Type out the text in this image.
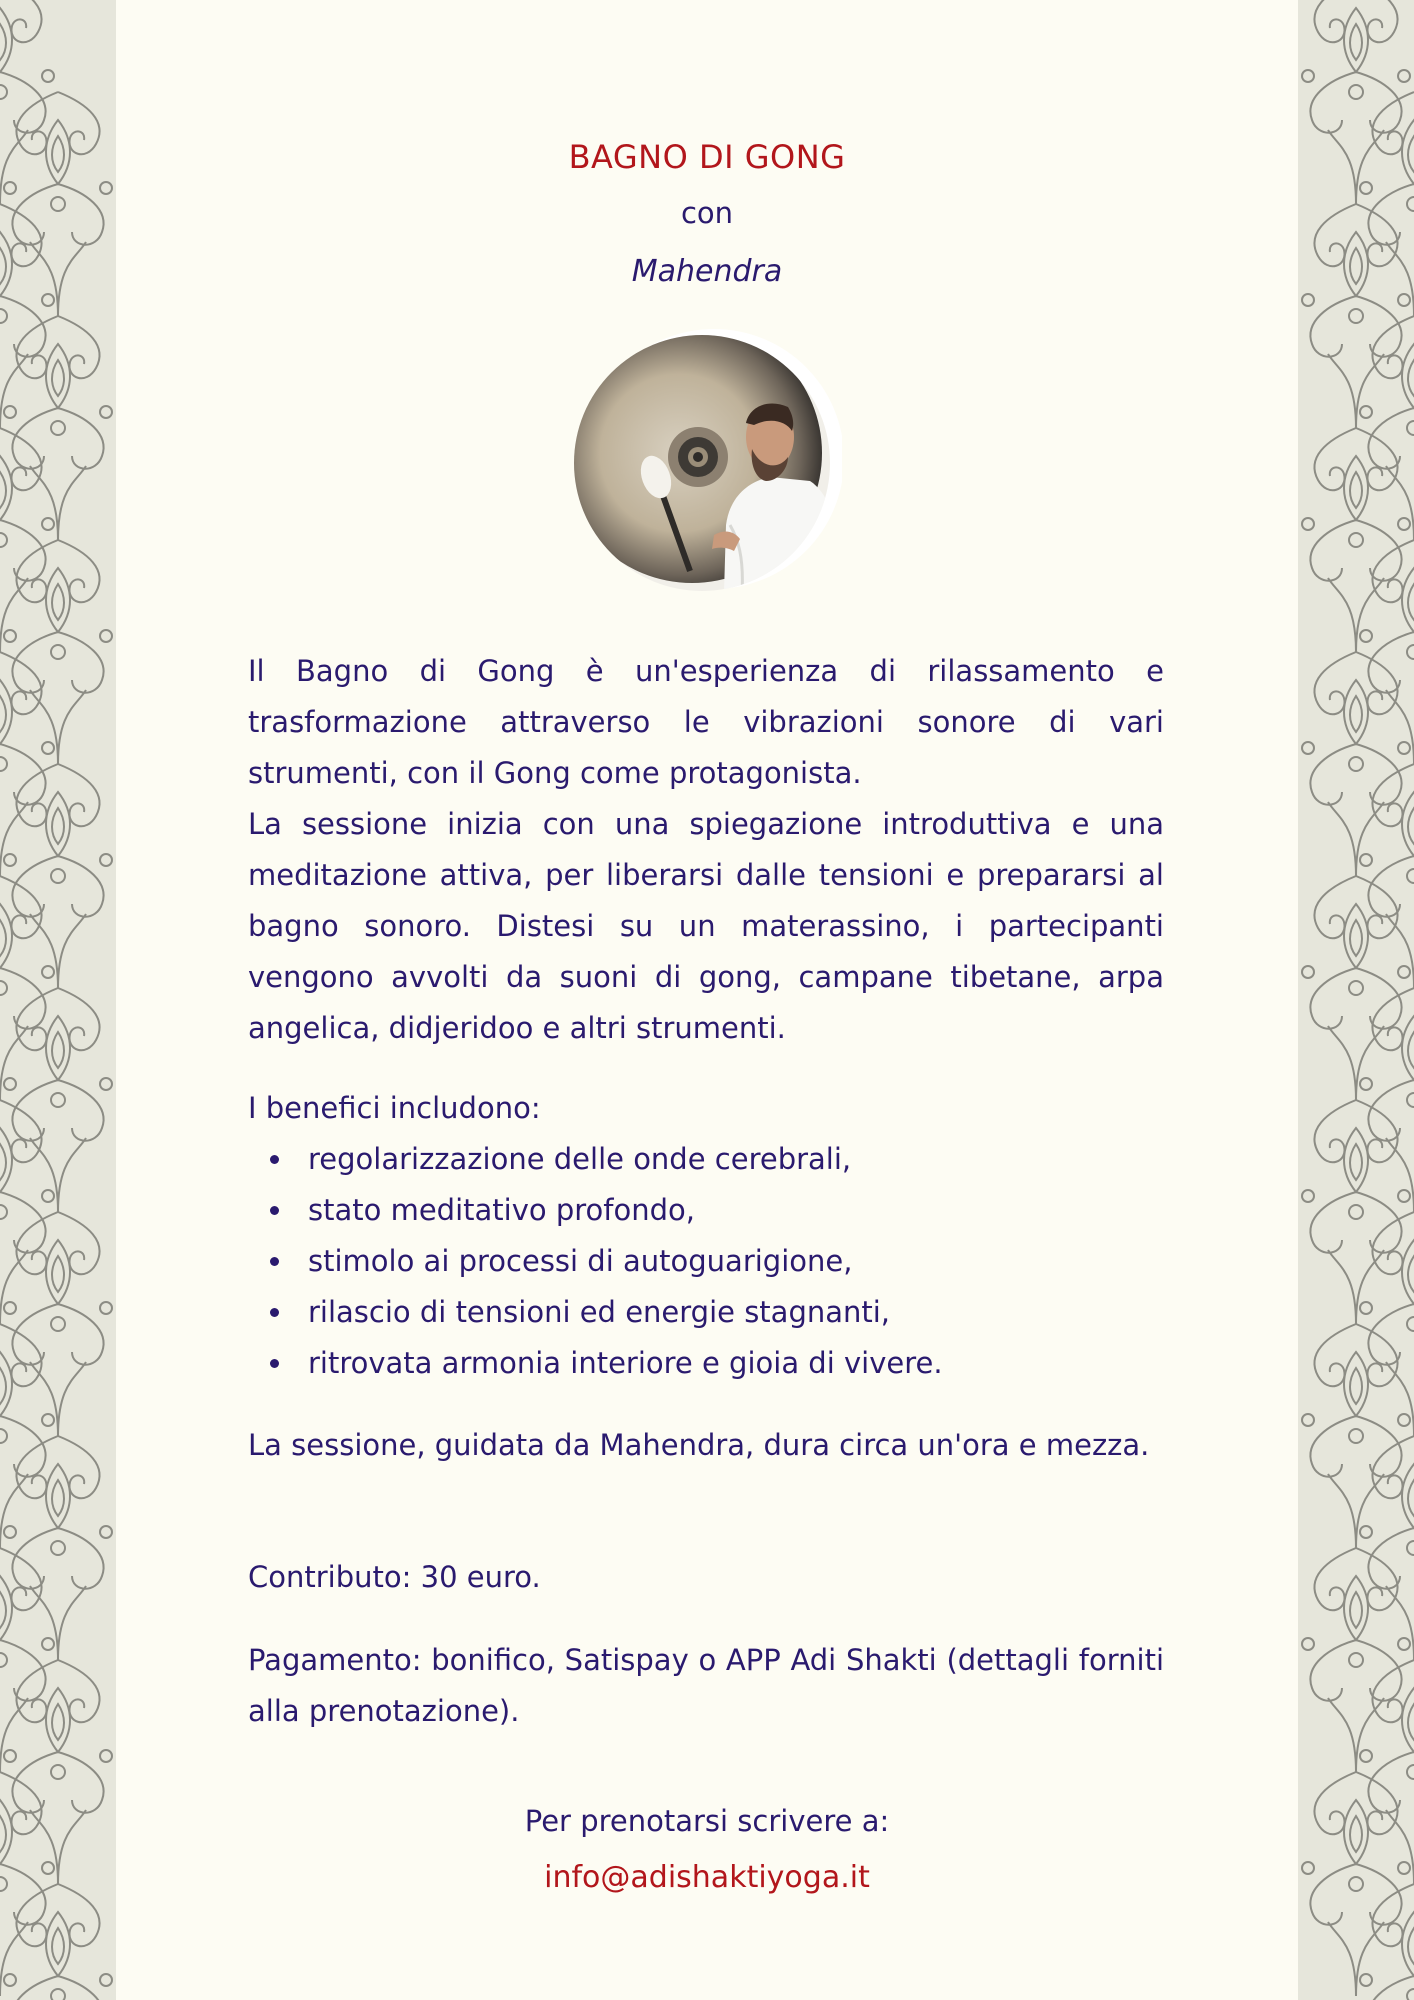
BAGNO DI GONG
con
Mahendra

Il Bagno di Gong è un'esperienza di rilassamento e trasformazione attraverso le vibrazioni sonore di vari strumenti, con il Gong come protagonista.

La sessione inizia con una spiegazione introduttiva e una meditazione attiva, per liberarsi dalle tensioni e prepararsi al bagno sonoro. Distesi su un materassino, i partecipanti vengono avvolti da suoni di gong, campane tibetane, arpa angelica, didjeridoo e altri strumenti.

I benefici includono:
regolarizzazione delle onde cerebrali,
stato meditativo profondo,
stimolo ai processi di autoguarigione,
rilascio di tensioni ed energie stagnanti,
ritrovata armonia interiore e gioia di vivere.
La sessione, guidata da Mahendra, dura circa un'ora e mezza.
Contributo: 30 euro.
Pagamento: bonifico, Satispay o APP Adi Shakti (dettagli forniti alla prenotazione).
Per prenotarsi scrivere a:
info@adishaktiyoga.it
